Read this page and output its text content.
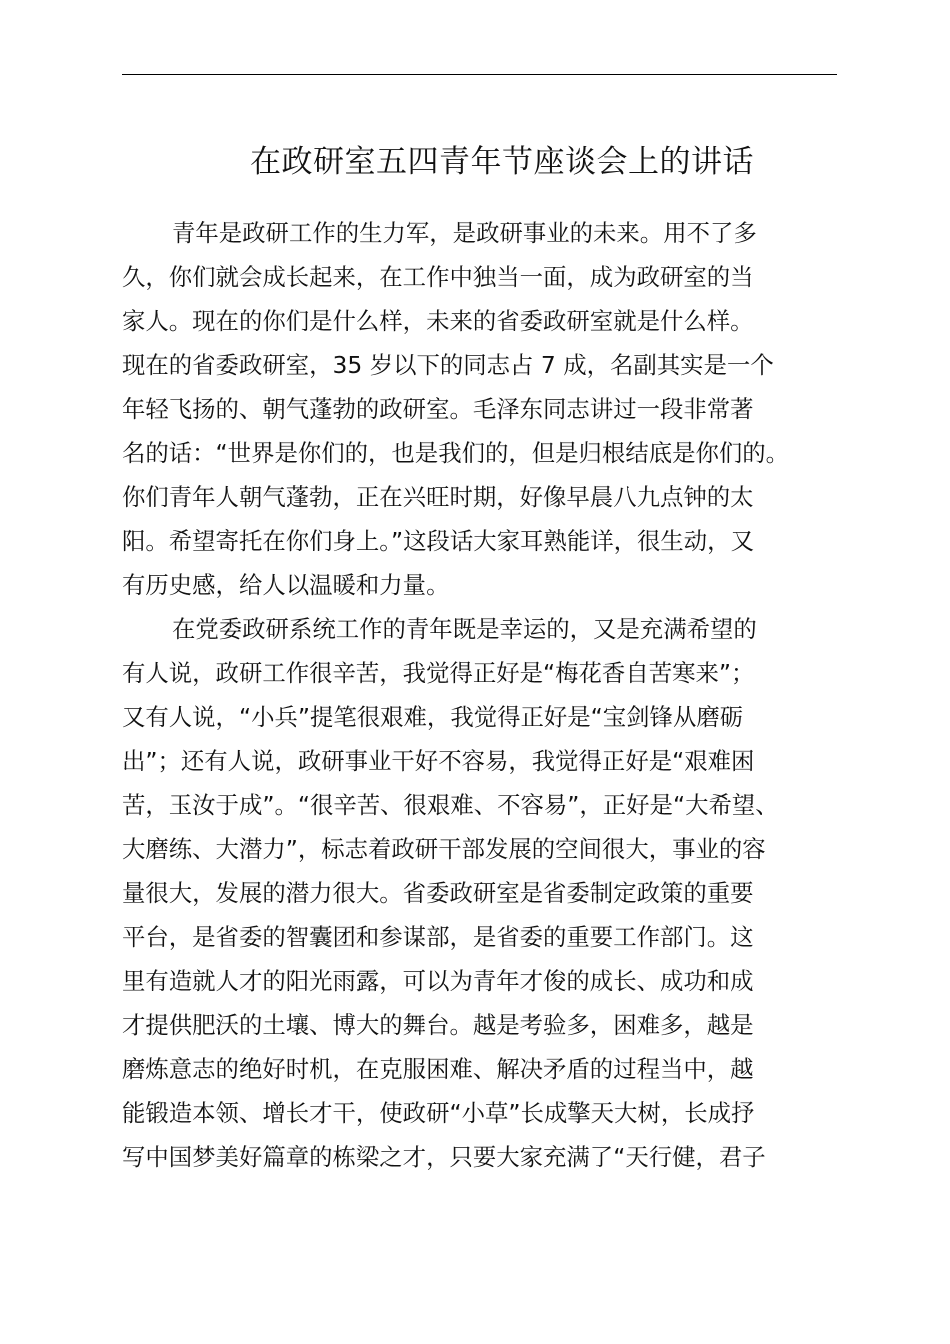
在政研室五四青年节座谈会上的讲话
青年是政研工作的生力军，是政研事业的未来。用不了多
久，你们就会成长起来，在工作中独当一面，成为政研室的当
家人。现在的你们是什么样，未来的省委政研室就是什么样。
现在的省委政研室，35 岁以下的同志占 7 成，名副其实是一个
年轻飞扬的、朝气蓬勃的政研室。毛泽东同志讲过一段非常著
名的话：“世界是你们的，也是我们的，但是归根结底是你们的。
你们青年人朝气蓬勃，正在兴旺时期，好像早晨八九点钟的太
阳。希望寄托在你们身上。”这段话大家耳熟能详，很生动，又
有历史感，给人以温暖和力量。
在党委政研系统工作的青年既是幸运的，又是充满希望的
有人说，政研工作很辛苦，我觉得正好是“梅花香自苦寒来”；
又有人说，“小兵”提笔很艰难，我觉得正好是“宝剑锋从磨砺
出”；还有人说，政研事业干好不容易，我觉得正好是“艰难困
苦，玉汝于成”。“很辛苦、很艰难、不容易”，正好是“大希望、
大磨练、大潜力”，标志着政研干部发展的空间很大，事业的容
量很大，发展的潜力很大。省委政研室是省委制定政策的重要
平台，是省委的智囊团和参谋部，是省委的重要工作部门。这
里有造就人才的阳光雨露，可以为青年才俊的成长、成功和成
才提供肥沃的土壤、博大的舞台。越是考验多，困难多，越是
磨炼意志的绝好时机，在克服困难、解决矛盾的过程当中，越
能锻造本领、增长才干，使政研“小草”长成擎天大树，长成抒
写中国梦美好篇章的栋梁之才，只要大家充满了“天行健，君子
